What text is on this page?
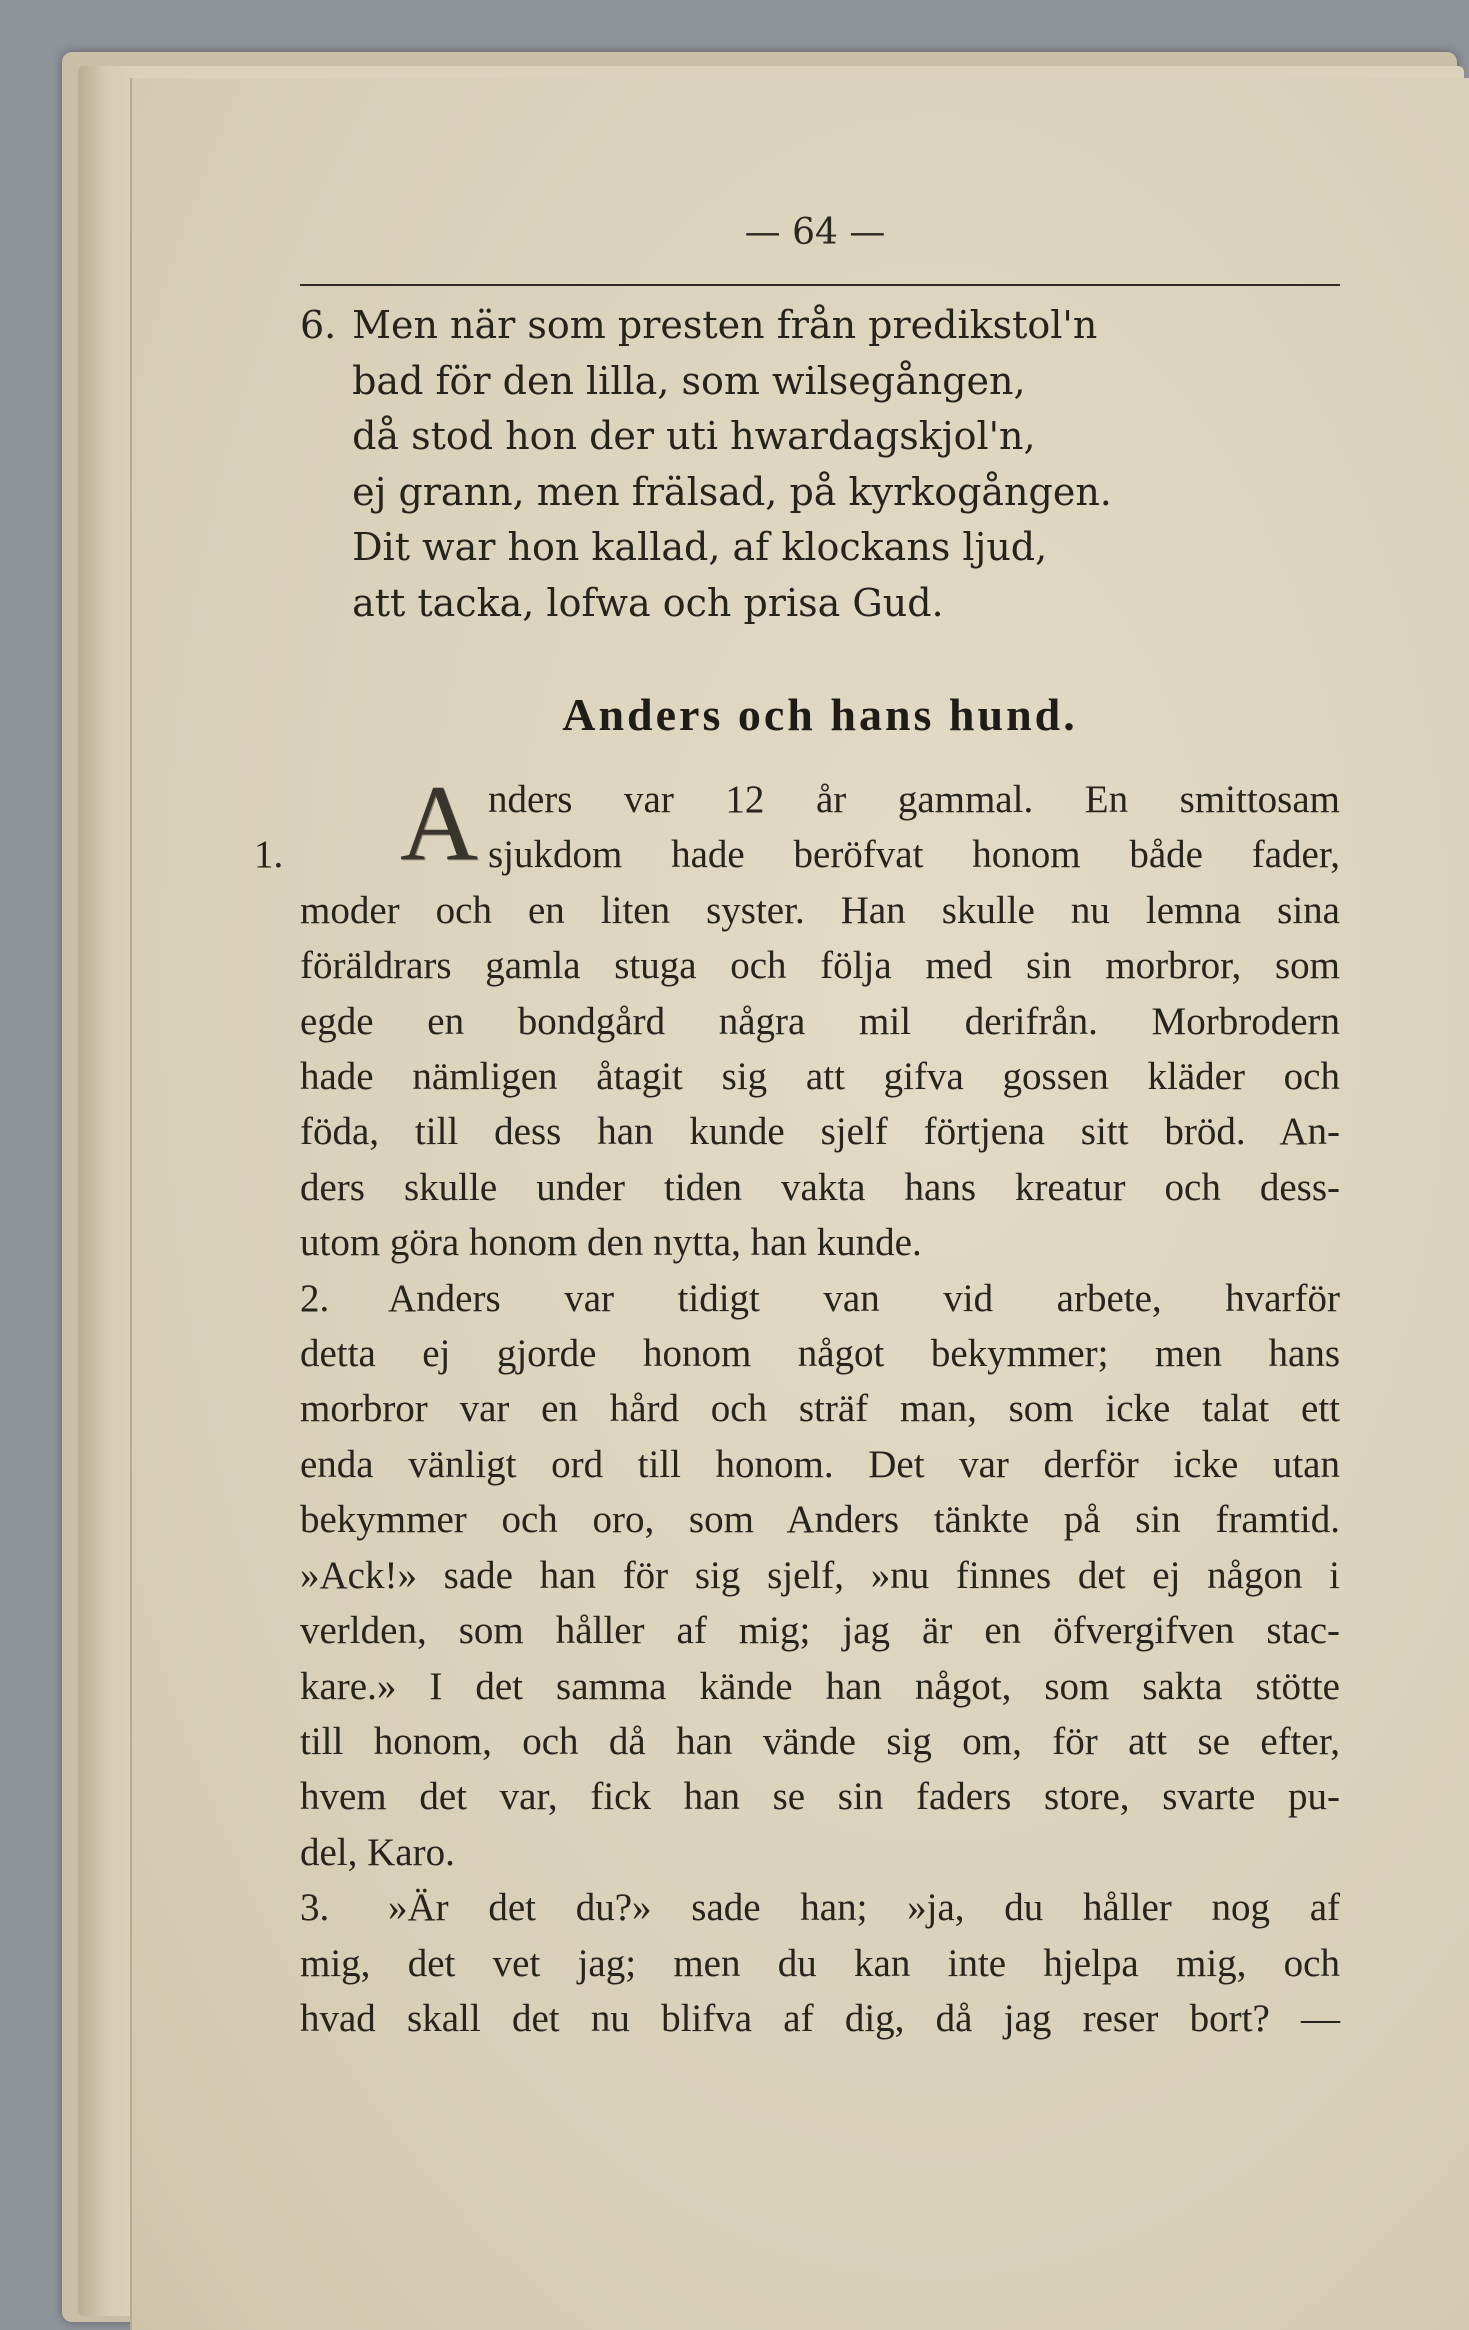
— 64 —
6. Men när som presten från predikstol'n
bad för den lilla, som wilsegången,
då stod hon der uti hwardagskjol'n,
ej grann, men frälsad, på kyrkogången.
Dit war hon kallad, af klockans ljud,
att tacka, lofwa och prisa Gud.
Anders och hans hund.
1. A nders var 12 år gammal. En smittosam
sjukdom hade beröfvat honom både fader,
moder och en liten syster. Han skulle nu lemna sina
föräldrars gamla stuga och följa med sin morbror, som
egde en bondgård några mil derifrån. Morbrodern
hade nämligen åtagit sig att gifva gossen kläder och
föda, till dess han kunde sjelf förtjena sitt bröd. An-
ders skulle under tiden vakta hans kreatur och dess-
utom göra honom den nytta, han kunde.
2. Anders var tidigt van vid arbete, hvarför
detta ej gjorde honom något bekymmer; men hans
morbror var en hård och sträf man, som icke talat ett
enda vänligt ord till honom. Det var derför icke utan
bekymmer och oro, som Anders tänkte på sin framtid.
»Ack!» sade han för sig sjelf, »nu finnes det ej någon i
verlden, som håller af mig; jag är en öfvergifven stac-
kare.» I det samma kände han något, som sakta stötte
till honom, och då han vände sig om, för att se efter,
hvem det var, fick han se sin faders store, svarte pu-
del, Karo.
3. »Är det du?» sade han; »ja, du håller nog af
mig, det vet jag; men du kan inte hjelpa mig, och
hvad skall det nu blifva af dig, då jag reser bort? —
